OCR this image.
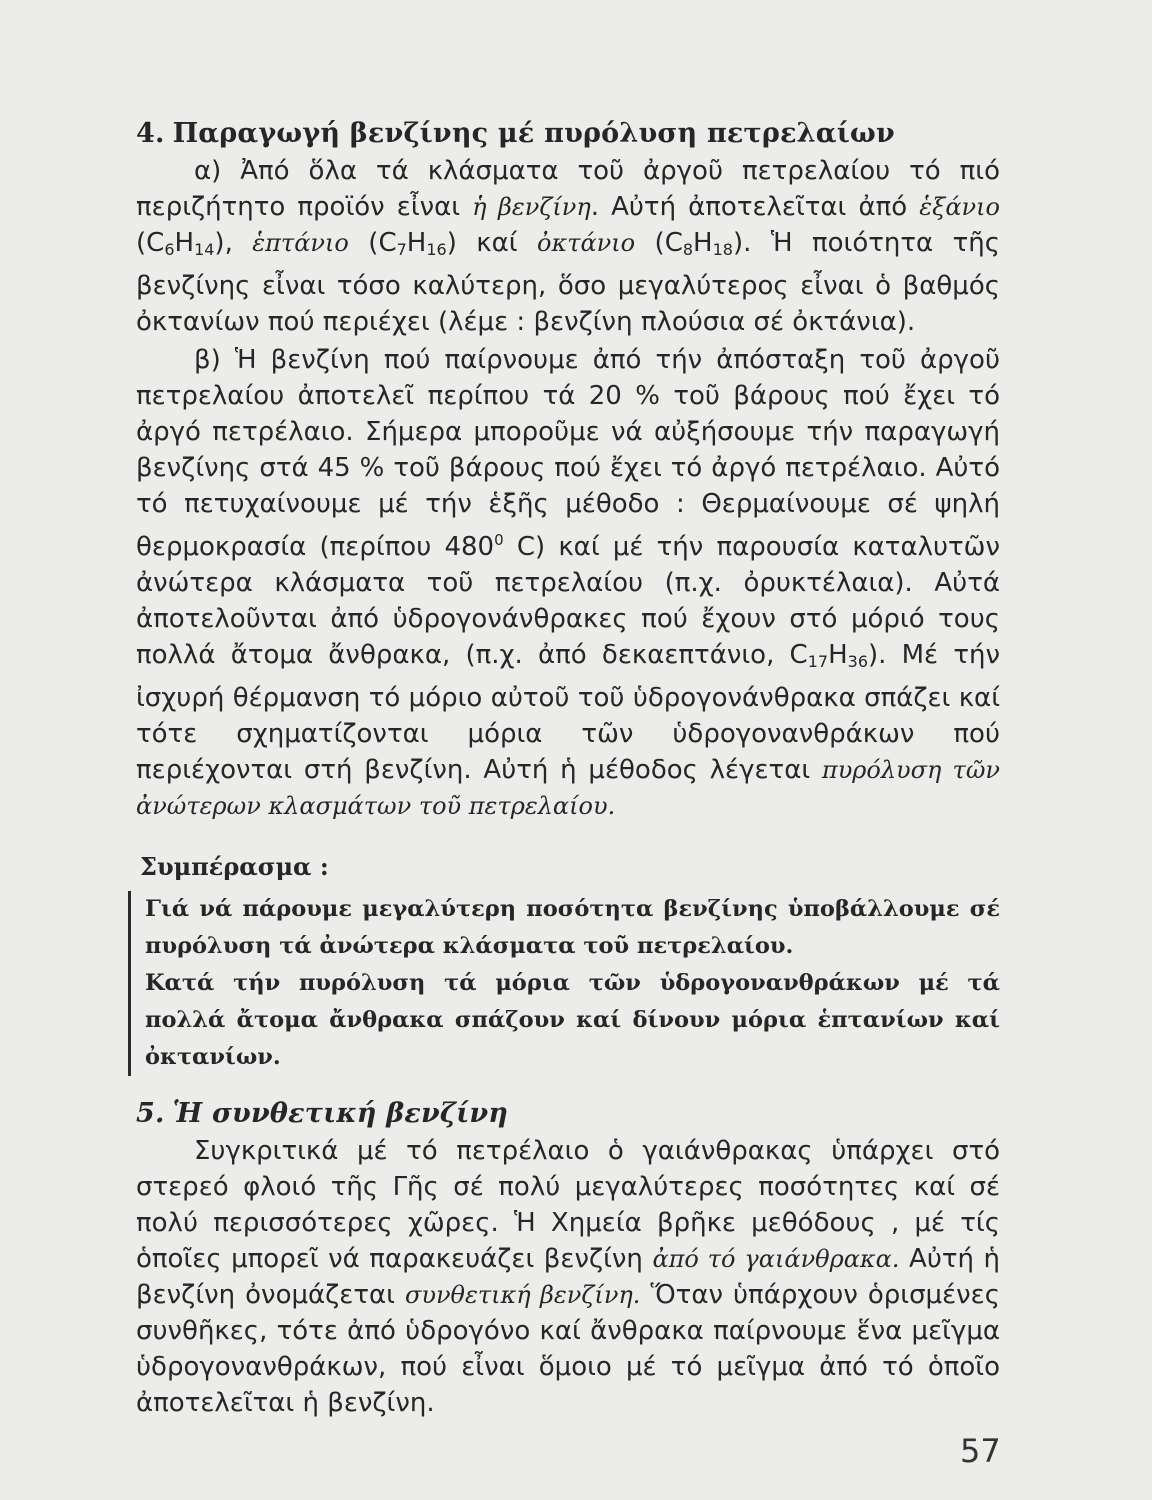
4. Παραγωγή βενζίνης μέ πυρόλυση πετρελαίων

α) Ἀπό ὅλα τά κλάσματα τοῦ ἀργοῦ πετρελαίου τό πιό περιζήτητο προϊόν εἶναι ἡ βενζίνη. Αὐτή ἀποτελεῖται ἀπό ἑξάνιο $(C_6H_{14})$, ἑπτάνιο $(C_7H_{16})$ καί ὀκτάνιο $(C_8H_{18})$. Ἡ ποιότητα τῆς βενζίνης εἶναι τόσο καλύτερη, ὅσο μεγαλύτερος εἶναι ὁ βαθμός ὀκτανίων πού περιέχει (λέμε : βενζίνη πλούσια σέ ὀκτάνια).

β) Ἡ βενζίνη πού παίρνουμε ἀπό τήν ἀπόσταξη τοῦ ἀργοῦ πετρελαίου ἀποτελεῖ περίπου τά 20 % τοῦ βάρους πού ἔχει τό ἀργό πετρέλαιο. Σήμερα μποροῦμε νά αὐξήσουμε τήν παραγωγή βενζίνης στά 45 % τοῦ βάρους πού ἔχει τό ἀργό πετρέλαιο. Αὐτό τό πετυχαίνουμε μέ τήν ἑξῆς μέθοδο : Θερμαίνουμε σέ ψηλή θερμοκρασία (περίπου $480^0$ C) καί μέ τήν παρουσία καταλυτῶν ἀνώτερα κλάσματα τοῦ πετρελαίου (π.χ. ὀρυκτέλαια). Αὐτά ἀποτελοῦνται ἀπό ὑδρογονάνθρακες πού ἔχουν στό μόριό τους πολλά ἄτομα ἄνθρακα, (π.χ. ἀπό δεκαεπτάνιο, $C_{17}H_{36}$). Μέ τήν ἰσχυρή θέρμανση τό μόριο αὐτοῦ τοῦ ὑδρογονάνθρακα σπάζει καί τότε σχηματίζονται μόρια τῶν ὑδρογονανθράκων πού περιέχονται στή βενζίνη. Αὐτή ἡ μέθοδος λέγεται πυρόλυση τῶν ἀνώτερων κλασμάτων τοῦ πετρελαίου.

Συμπέρασμα :

Γιά νά πάρουμε μεγαλύτερη ποσότητα βενζίνης ὑποβάλλουμε σέ πυρόλυση τά ἀνώτερα κλάσματα τοῦ πετρελαίου.

Κατά τήν πυρόλυση τά μόρια τῶν ὑδρογονανθράκων μέ τά πολλά ἄτομα ἄνθρακα σπάζουν καί δίνουν μόρια ἑπτανίων καί ὀκτανίων.

5. Ἡ συνθετική βενζίνη

Συγκριτικά μέ τό πετρέλαιο ὁ γαιάνθρακας ὑπάρχει στό στερεό φλοιό τῆς Γῆς σέ πολύ μεγαλύτερες ποσότητες καί σέ πολύ περισσότερες χῶρες. Ἡ Χημεία βρῆκε μεθόδους , μέ τίς ὁποῖες μπορεῖ νά παρακευάζει βενζίνη ἀπό τό γαιάνθρακα. Αὐτή ἡ βενζίνη ὀνομάζεται συνθετική βενζίνη. Ὅταν ὑπάρχουν ὁρισμένες συνθῆκες, τότε ἀπό ὑδρογόνο καί ἄνθρακα παίρνουμε ἕνα μεῖγμα ὑδρογονανθράκων, πού εἶναι ὅμοιο μέ τό μεῖγμα ἀπό τό ὁποῖο ἀποτελεῖται ἡ βενζίνη.

57
